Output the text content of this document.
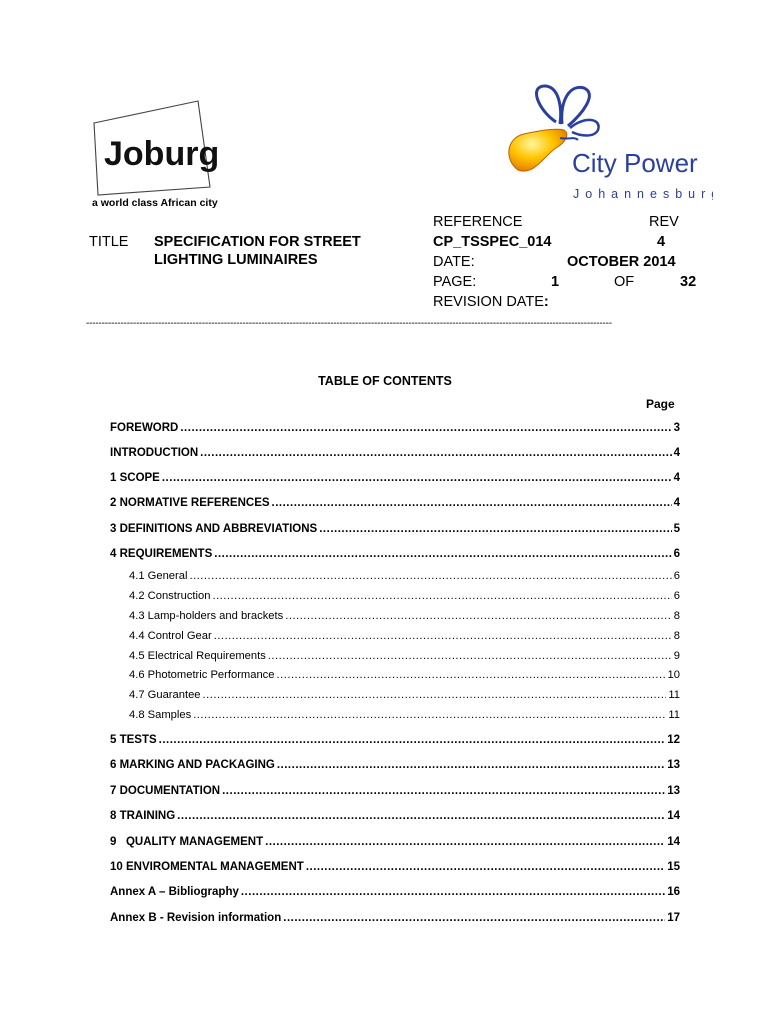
Joburg
a world class African city
City Power
Johannesburg
TITLE SPECIFICATION FOR STREET
LIGHTING LUMINAIRES
REFERENCE	REV
CP_TSSPEC_014	4
DATE:	OCTOBER 2014
PAGE:	1	OF	32
REVISION DATE:
------------------------------------------------------------------------------------------------------------------------------------------------------------------------
TABLE OF CONTENTS
Page
FOREWORD .....	3
INTRODUCTION .....	4
1 SCOPE .....	4
2 NORMATIVE REFERENCES .....	4
3 DEFINITIONS AND ABBREVIATIONS .....	5
4 REQUIREMENTS .....	6
4.1 General .....	6
4.2 Construction .....	6
4.3 Lamp-holders and brackets .....	8
4.4 Control Gear .....	8
4.5 Electrical Requirements .....	9
4.6 Photometric Performance .....	10
4.7 Guarantee .....	11
4.8 Samples .....	11
5 TESTS .....	12
6 MARKING AND PACKAGING .....	13
7 DOCUMENTATION .....	13
8 TRAINING .....	14
9   QUALITY MANAGEMENT .....	14
10 ENVIROMENTAL MANAGEMENT .....	15
Annex A – Bibliography .....	16
Annex B - Revision information .....	17
